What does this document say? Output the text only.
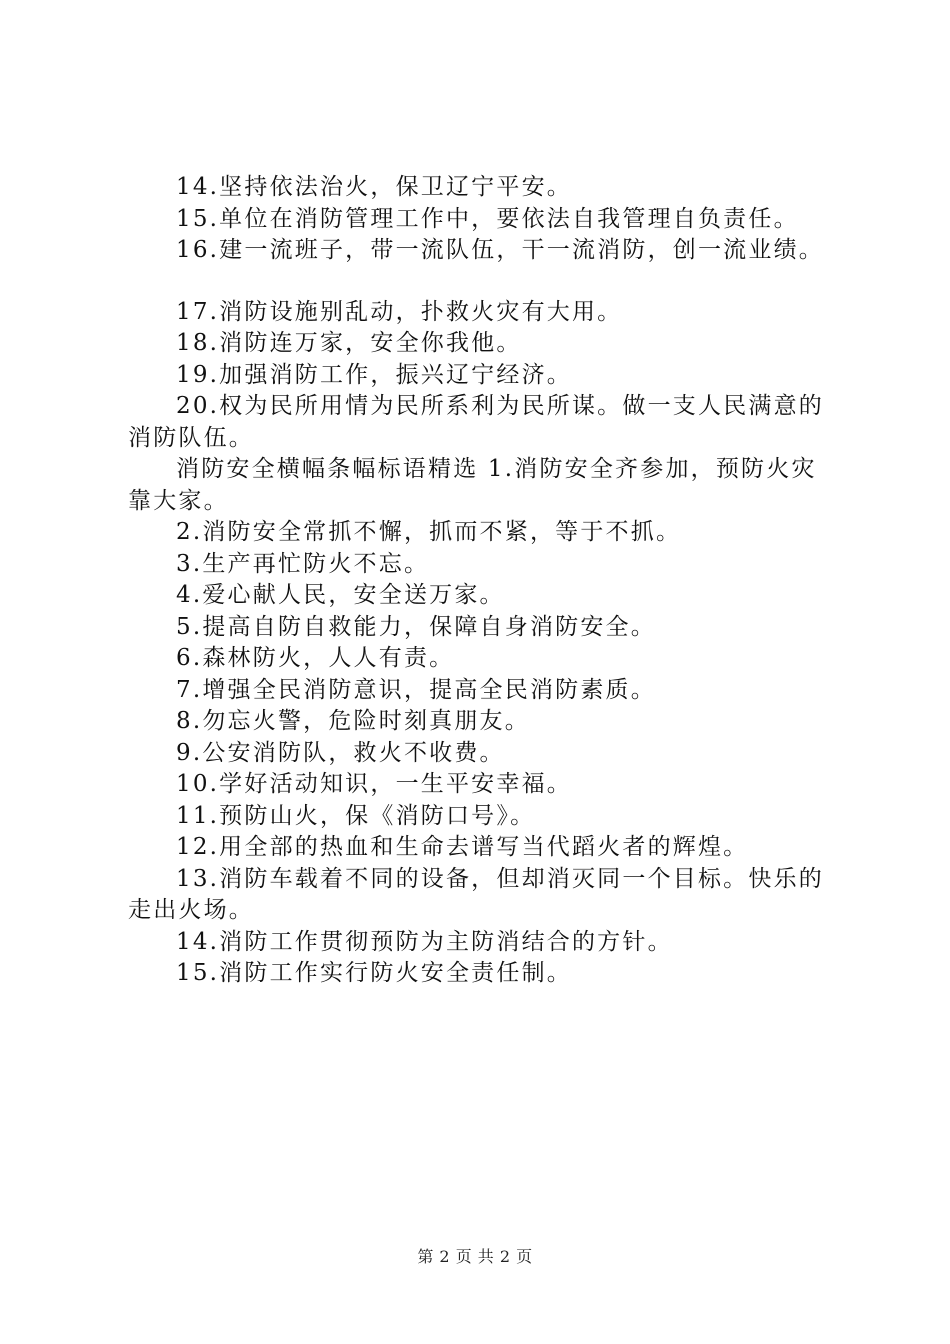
14.坚持依法治火，保卫辽宁平安。

15.单位在消防管理工作中，要依法自我管理自负责任。

16.建一流班子，带一流队伍，干一流消防，创一流业绩。

17.消防设施别乱动，扑救火灾有大用。

18.消防连万家，安全你我他。

19.加强消防工作，振兴辽宁经济。

20.权为民所用情为民所系利为民所谋。做一支人民满意的消防队伍。

消防安全横幅条幅标语精选 1.消防安全齐参加，预防火灾靠大家。

2.消防安全常抓不懈，抓而不紧，等于不抓。

3.生产再忙防火不忘。

4.爱心献人民，安全送万家。

5.提高自防自救能力，保障自身消防安全。

6.森林防火，人人有责。

7.增强全民消防意识，提高全民消防素质。

8.勿忘火警，危险时刻真朋友。

9.公安消防队，救火不收费。

10.学好活动知识，一生平安幸福。

11.预防山火，保《消防口号》。

12.用全部的热血和生命去谱写当代蹈火者的辉煌。

13.消防车载着不同的设备，但却消灭同一个目标。快乐的走出火场。

14.消防工作贯彻预防为主防消结合的方针。

15.消防工作实行防火安全责任制。

第 2 页 共 2 页
